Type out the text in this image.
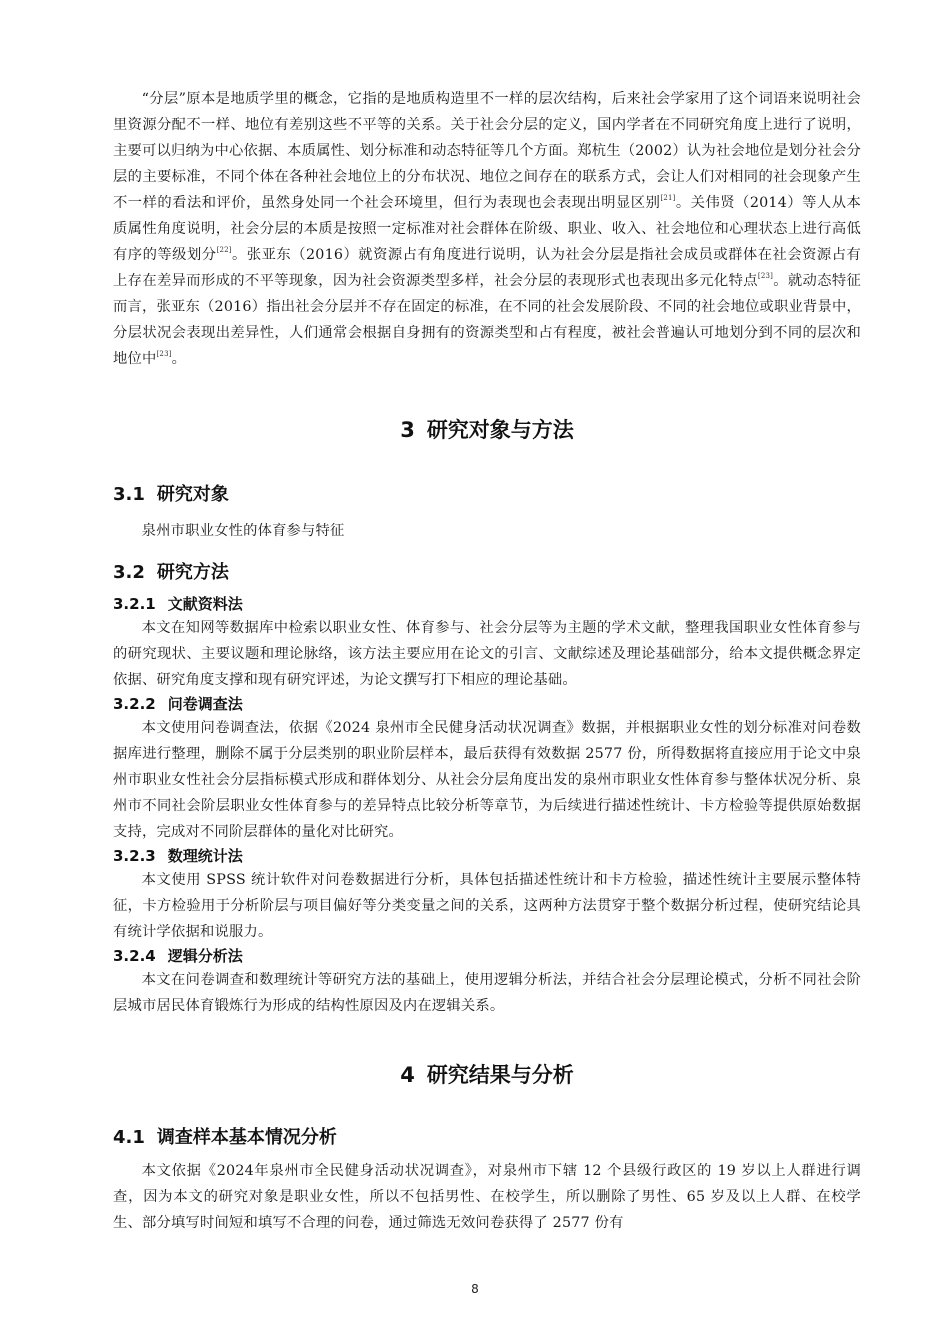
“分层”原本是地质学里的概念，它指的是地质构造里不一样的层次结构，后来社会学家用了这个词语来说明社会里资源分配不一样、地位有差别这些不平等的关系。关于社会分层的定义，国内学者在不同研究角度上进行了说明，主要可以归纳为中心依据、本质属性、划分标准和动态特征等几个方面。郑杭生（2002）认为社会地位是划分社会分层的主要标准，不同个体在各种社会地位上的分布状况、地位之间存在的联系方式，会让人们对相同的社会现象产生不一样的看法和评价，虽然身处同一个社会环境里，但行为表现也会表现出明显区别[21]。关伟贤（2014）等人从本质属性角度说明，社会分层的本质是按照一定标准对社会群体在阶级、职业、收入、社会地位和心理状态上进行高低有序的等级划分[22]。张亚东（2016）就资源占有角度进行说明，认为社会分层是指社会成员或群体在社会资源占有上存在差异而形成的不平等现象，因为社会资源类型多样，社会分层的表现形式也表现出多元化特点[23]。就动态特征而言，张亚东（2016）指出社会分层并不存在固定的标准，在不同的社会发展阶段、不同的社会地位或职业背景中，分层状况会表现出差异性，人们通常会根据自身拥有的资源类型和占有程度，被社会普遍认可地划分到不同的层次和地位中[23]。

3 研究对象与方法
3.1 研究对象

泉州市职业女性的体育参与特征

3.2 研究方法
3.2.1 文献资料法

本文在知网等数据库中检索以职业女性、体育参与、社会分层等为主题的学术文献，整理我国职业女性体育参与的研究现状、主要议题和理论脉络，该方法主要应用在论文的引言、文献综述及理论基础部分，给本文提供概念界定依据、研究角度支撑和现有研究评述，为论文撰写打下相应的理论基础。

3.2.2 问卷调查法

本文使用问卷调查法，依据《2024 泉州市全民健身活动状况调查》数据，并根据职业女性的划分标准对问卷数据库进行整理，删除不属于分层类别的职业阶层样本，最后获得有效数据 2577 份，所得数据将直接应用于论文中泉州市职业女性社会分层指标模式形成和群体划分、从社会分层角度出发的泉州市职业女性体育参与整体状况分析、泉州市不同社会阶层职业女性体育参与的差异特点比较分析等章节，为后续进行描述性统计、卡方检验等提供原始数据支持，完成对不同阶层群体的量化对比研究。

3.2.3 数理统计法

本文使用 SPSS 统计软件对问卷数据进行分析，具体包括描述性统计和卡方检验，描述性统计主要展示整体特征，卡方检验用于分析阶层与项目偏好等分类变量之间的关系，这两种方法贯穿于整个数据分析过程，使研究结论具有统计学依据和说服力。

3.2.4 逻辑分析法

本文在问卷调查和数理统计等研究方法的基础上，使用逻辑分析法，并结合社会分层理论模式，分析不同社会阶层城市居民体育锻炼行为形成的结构性原因及内在逻辑关系。

4 研究结果与分析
4.1 调查样本基本情况分析

本文依据《2024年泉州市全民健身活动状况调查》，对泉州市下辖 12 个县级行政区的 19 岁以上人群进行调查，因为本文的研究对象是职业女性，所以不包括男性、在校学生，所以删除了男性、65 岁及以上人群、在校学生、部分填写时间短和填写不合理的问卷，通过筛选无效问卷获得了 2577 份有

8
